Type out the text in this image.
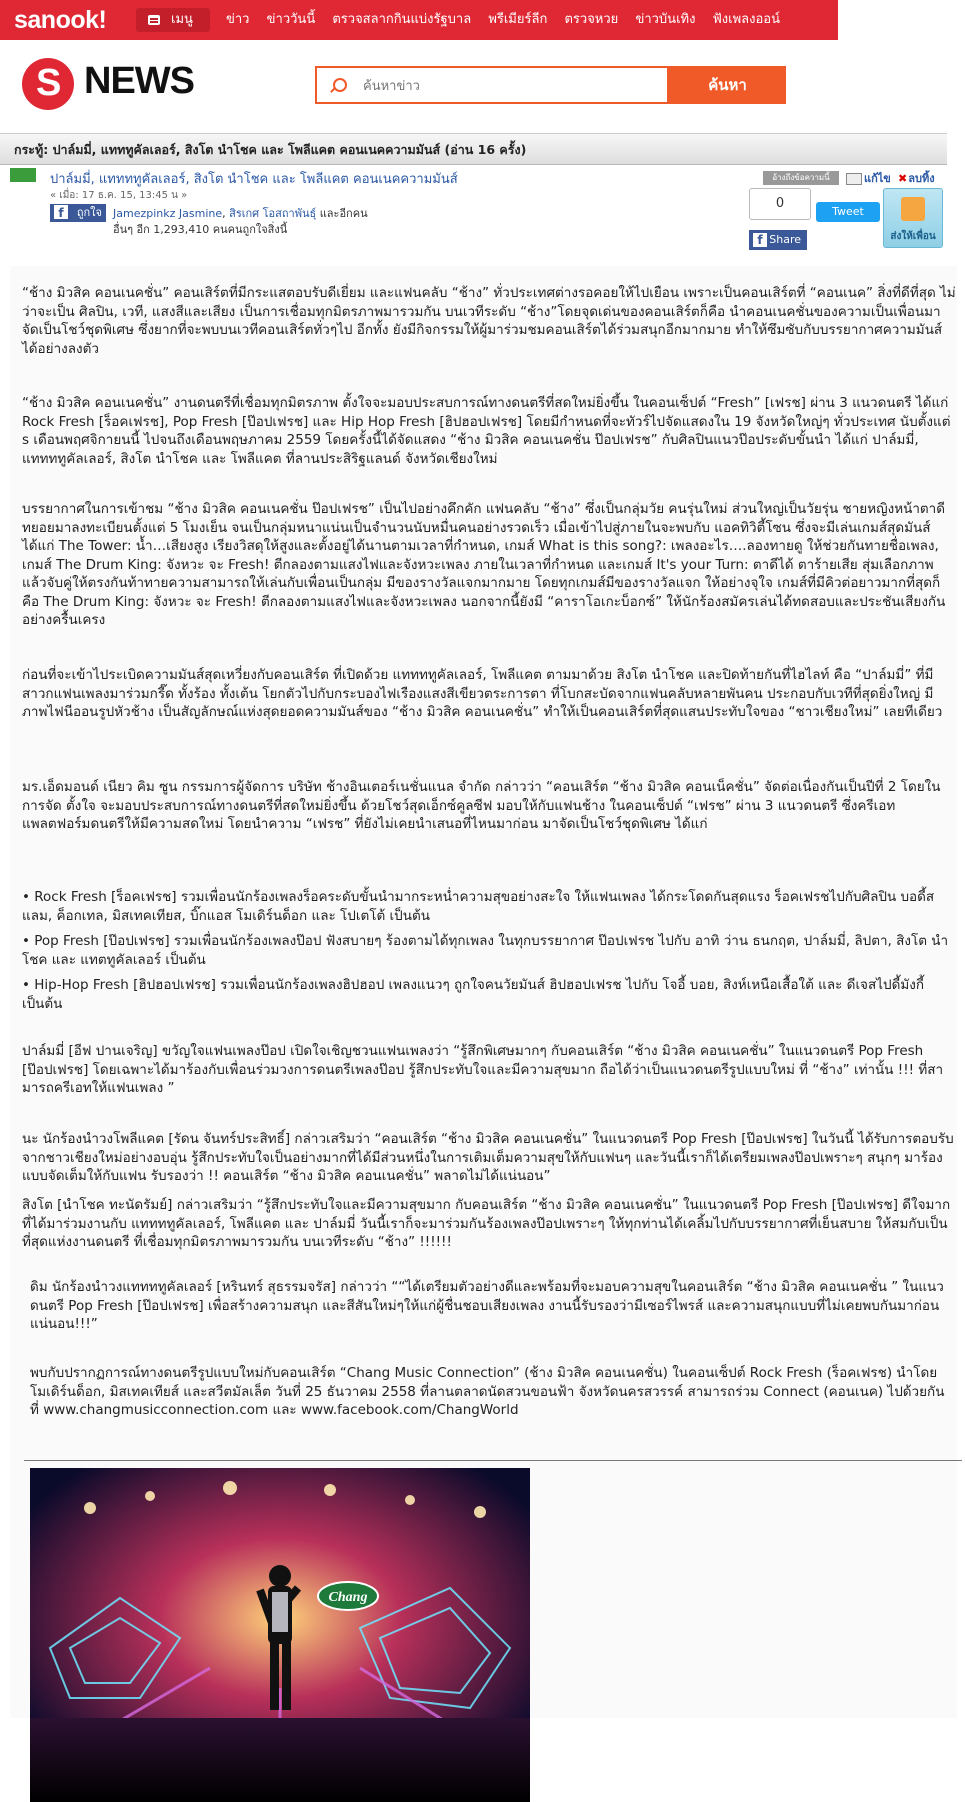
sanook!	เมนู	ข่าว ข่าววันนี้ ตรวจสลากกินแบ่งรัฐบาล พรีเมียร์ลีก ตรวจหวย ข่าวบันเทิง ฟังเพลงออน์
S
NEWS
ค้นหาข่าว	ค้นหา
กระทู้: ปาล์มมี่, แทททูคัลเลอร์, สิงโต นำโชค และ โพลีแคต คอนเนคความมันส์ (อ่าน 16 ครั้ง)
ปาล์มมี่, แททททูคัลเลอร์, สิงโต นำโชค และ โพลีแคต คอนเนคความมันส์
« เมื่อ: 17 ธ.ค. 15, 13:45 น »
f ถูกใจ	Jamezpinkz Jasmine, สิรเกศ โอสถาพันธุ์ และอีกคน
อื่นๆ อีก 1,293,410 คนคนถูกใจสิ่งนี้
อ้างถึงข้อความนี้	แก้ไข ✖ลบทิ้ง
0
Tweet
f Share	ส่งให้เพื่อน

“ช้าง มิวสิค คอนเนคชั่น” คอนเสิร์ตที่มีกระแสตอบรับดีเยี่ยม และแฟนคลับ “ช้าง” ทั่วประเทศต่างรอคอยให้ไปเยือน เพราะเป็นคอนเสิร์ตที่ “คอนเนค” สิ่งที่ดีที่สุด ไม่ว่าจะเป็น ศิลปิน, เวที, แสงสีและเสียง เป็นการเชื่อมทุกมิตรภาพมารวมกัน บนเวทีระดับ “ช้าง”โดยจุดเด่นของคอนเสิร์ตก็คือ นำคอนเนคชั่นของความเป็นเพื่อนมาจัดเป็นโชว์ชุดพิเศษ ซึ่งยากที่จะพบบนเวทีคอนเสิร์ตทั่วๆไป อีกทั้ง ยังมีกิจกรรมให้ผู้มาร่วมชมคอนเสิร์ตได้ร่วมสนุกอีกมากมาย ทำให้ซึมซับกับบรรยากาศความมันส์ ได้อย่างลงตัว

“ช้าง มิวสิค คอนเนคชั่น” งานดนตรีที่เชื่อมทุกมิตรภาพ ตั้งใจจะมอบประสบการณ์ทางดนตรีที่สดใหม่ยิ่งขึ้น ในคอนเซ็ปต์ “Fresh” [เฟรช] ผ่าน 3 แนวดนตรี ได้แก่ Rock Fresh [ร็อคเฟรช], Pop Fresh [ป๊อปเฟรช] และ Hip Hop Fresh [ฮิปฮอปเฟรช] โดยมีกำหนดที่จะทัวร์ไปจัดแสดงใน 19 จังหวัดใหญ่ๆ ทั่วประเทศ นับตั้งแต่ s เดือนพฤศจิกายนนี้ ไปจนถึงเดือนพฤษภาคม 2559 โดยครั้งนี้ได้จัดแสดง “ช้าง มิวสิค คอนเนคชั่น ป๊อปเฟรช” กับศิลปินแนวป๊อประดับขั้นนำ ได้แก่ ปาล์มมี่, แททททูคัลเลอร์, สิงโต นำโชค และ โพลีแคต ที่ลานประสิริฐแลนด์ จังหวัดเชียงใหม่

บรรยากาศในการเข้าชม “ช้าง มิวสิค คอนเนคชั่น ป๊อปเฟรช” เป็นไปอย่างคึกคัก แฟนคลับ “ช้าง” ซึ่งเป็นกลุ่มวัย คนรุ่นใหม่ ส่วนใหญ่เป็นวัยรุ่น ชายหญิงหน้าตาดี ทยอยมาลงทะเบียนตั้งแต่ 5 โมงเย็น จนเป็นกลุ่มหนาแน่นเป็นจำนวนนับหมื่นคนอย่างรวดเร็ว เมื่อเข้าไปสู่ภายในจะพบกับ แอคทิวิตี้โซน ซึ่งจะมีเล่นเกมส์สุดมันส์ ได้แก่ The Tower: น้ำ…เสียงสูง เรียงวิสดุให้สูงและตั้งอยู่ได้นานตามเวลาที่กำหนด, เกมส์ What is this song?: เพลงอะไร….ลองทายดู ให้ช่วยกันทายชื่อเพลง, เกมส์ The Drum King: จังหวะ จะ Fresh! ตีกลองตามแสงไฟและจังหวะเพลง ภายในเวลาที่กำหนด และเกมส์ It's your Turn: ตาดีได้ ตาร้ายเสีย สุ่มเลือกภาพแล้วจับคู่ให้ตรงกันท้าทายความสามารถให้เล่นกับเพื่อนเป็นกลุ่ม มีของรางวัลแจกมากมาย โดยทุกเกมส์มีของรางวัลแจก ให้อย่างจุใจ เกมส์ที่มีคิวต่อยาวมากที่สุดก็คือ The Drum King: จังหวะ จะ Fresh! ตีกลองตามแสงไฟและจังหวะเพลง นอกจากนี้ยังมี “คาราโอเกะบ็อกซ์” ให้นักร้องสมัครเล่นได้ทดสอบและประชันเสียงกันอย่างครื้นเครง

ก่อนที่จะเข้าไประเบิดความมันส์สุดเหวี่ยงกับคอนเสิร์ต ที่เปิดด้วย แททททูคัลเลอร์, โพลีแคต ตามมาด้วย สิงโต นำโชค และปิดท้ายกันที่ไฮไลท์ คือ “ปาล์มมี่” ที่มีสาวกแฟนเพลงมาร่วมกรี๊ด ทั้งร้อง ทั้งเต้น โยกตัวไปกับกระบองไฟเรืองแสงสีเขียวตระการตา ที่โบกสะบัดจากแฟนคลับหลายพันคน ประกอบกับเวทีที่สุดยิ่งใหญ่ มีภาพไฟนีออนรูปหัวช้าง เป็นสัญลักษณ์แห่งสุดยอดความมันส์ของ “ช้าง มิวสิค คอนเนคชั่น” ทำให้เป็นคอนเสิร์ตที่สุดแสนประทับใจของ “ชาวเชียงใหม่” เลยทีเดียว

มร.เอ็ดมอนด์ เนียว คิม ซูน กรรมการผู้จัดการ บริษัท ช้างอินเตอร์เนชั่นแนล จำกัด กล่าวว่า “คอนเสิร์ต “ช้าง มิวสิค คอนเน็คชั่น” จัดต่อเนื่องกันเป็นปีที่ 2 โดยในการจัด ตั้งใจ จะมอบประสบการณ์ทางดนตรีที่สดใหม่ยิ่งขึ้น ด้วยโชว์สุดเอ็กซ์คูลซีฟ มอบให้กับแฟนช้าง ในคอนเซ็ปต์ “เฟรช” ผ่าน 3 แนวดนตรี ซึ่งครีเอทแพลตฟอร์มดนตรีให้มีความสดใหม่ โดยนำความ “เฟรช” ที่ยังไม่เคยนำเสนอที่ไหนมาก่อน มาจัดเป็นโชว์ชุดพิเศษ ได้แก่

• Rock Fresh [ร็อคเฟรช] รวมเพื่อนนักร้องเพลงร็อคระดับขั้นนำมากระหน่ำความสุขอย่างสะใจ ให้แฟนเพลง ได้กระโดดกันสุดแรง ร็อคเฟรชไปกับศิลปิน บอดี้สแลม, ค็อกเทล, มิสเทคเทียส, บิ๊กแอส โมเดิร์นด็อก และ โปเตโต้ เป็นต้น

• Pop Fresh [ป๊อปเฟรช] รวมเพื่อนนักร้องเพลงป๊อป ฟังสบายๆ ร้องตามได้ทุกเพลง ในทุกบรรยากาศ ป๊อปเฟรช ไปกับ อาทิ ว่าน ธนกฤต, ปาล์มมี่, ลิปตา, สิงโต นำโชค และ แทตทูคัลเลอร์ เป็นต้น

• Hip-Hop Fresh [ฮิปฮอปเฟรช] รวมเพื่อนนักร้องเพลงฮิปฮอป เพลงแนวๆ ถูกใจคนวัยมันส์ ฮิปฮอปเฟรช ไปกับ โจอี้ บอย, สิงห์เหนือเสื้อใต้ และ ดีเจสไปดี้มังกี้ เป็นต้น

ปาล์มมี่ [อีฟ ปานเจริญ] ขวัญใจแฟนเพลงป๊อป เปิดใจเชิญชวนแฟนเพลงว่า “รู้สึกพิเศษมากๆ กับคอนเสิร์ต “ช้าง มิวสิค คอนเนคชั่น” ในแนวดนตรี Pop Fresh [ป๊อปเฟรช] โดยเฉพาะได้มาร้องกับเพื่อนร่วมวงการดนตรีเพลงป๊อป รู้สึกประทับใจและมีความสุขมาก ถือได้ว่าเป็นแนวดนตรีรูปแบบใหม่ ที่ “ช้าง” เท่านั้น !!! ที่สามารถครีเอทให้แฟนเพลง ”

นะ นักร้องนำวงโพลีแคต [รัดน จันทร์ประสิทธิ์] กล่าวเสริมว่า “คอนเสิร์ต “ช้าง มิวสิค คอนเนคชั่น” ในแนวดนตรี Pop Fresh [ป๊อปเฟรช] ในวันนี้ ได้รับการตอบรับจากชาวเชียงใหม่อย่างอบอุ่น รู้สึกประทับใจเป็นอย่างมากที่ได้มีส่วนหนึ่งในการเติมเต็มความสุขให้กับแฟนๆ และวันนี้เราก็ได้เตรียมเพลงป๊อปเพราะๆ สนุกๆ มาร้องแบบจัดเต็มให้กับแฟน รับรองว่า !! คอนเสิร์ต “ช้าง มิวสิค คอนเนคชั่น” พลาดไม่ได้แน่นอน”

สิงโต [นำโชค ทะนัดรัมย์] กล่าวเสริมว่า “รู้สึกประทับใจและมีความสุขมาก กับคอนเสิร์ต “ช้าง มิวสิค คอนเนคชั่น” ในแนวดนตรี Pop Fresh [ป๊อปเฟรช] ดีใจมากที่ได้มาร่วมงานกับ แททททูคัลเลอร์, โพลีแคต และ ปาล์มมี่ วันนี้เราก็จะมาร่วมกันร้องเพลงป๊อปเพราะๆ ให้ทุกท่านได้เคลิ้มไปกับบรรยากาศที่เย็นสบาย ให้สมกับเป็นที่สุดแห่งงานดนตรี ที่เชื่อมทุกมิตรภาพมารวมกัน บนเวทีระดับ “ช้าง” !!!!!!

ดิม นักร้องนำวงแททททูคัลเลอร์ [หรินทร์ สุธรรมจรัส] กล่าวว่า ““ได้เตรียมตัวอย่างดีและพร้อมที่จะมอบความสุขในคอนเสิร์ต “ช้าง มิวสิค คอนเนคชั่น ” ในแนวดนตรี Pop Fresh [ป๊อปเฟรช] เพื่อสร้างความสนุก และสีสันใหม่ๆให้แก่ผู้ชื่นชอบเสียงเพลง งานนี้รับรองว่ามีเซอร์ไพรส์ และความสนุกแบบที่ไม่เคยพบกันมาก่อนแน่นอน!!!”

พบกับปรากฏการณ์ทางดนตรีรูปแบบใหม่กับคอนเสิร์ต “Chang Music Connection” (ช้าง มิวสิค คอนเนคชั่น) ในคอนเซ็ปต์ Rock Fresh (ร็อคเฟรช) นำโดย โมเดิร์นด็อก, มิสเทคเทียส์ และสวีตมัลเล็ต วันที่ 25 ธันวาคม 2558 ที่ลานตลาดนัดสวนขอนฟ้า จังหวัดนครสวรรค์ สามารถร่วม Connect (คอนเนค) ไปด้วยกันที่ www.changmusicconnection.com และ www.facebook.com/ChangWorld

Chang
